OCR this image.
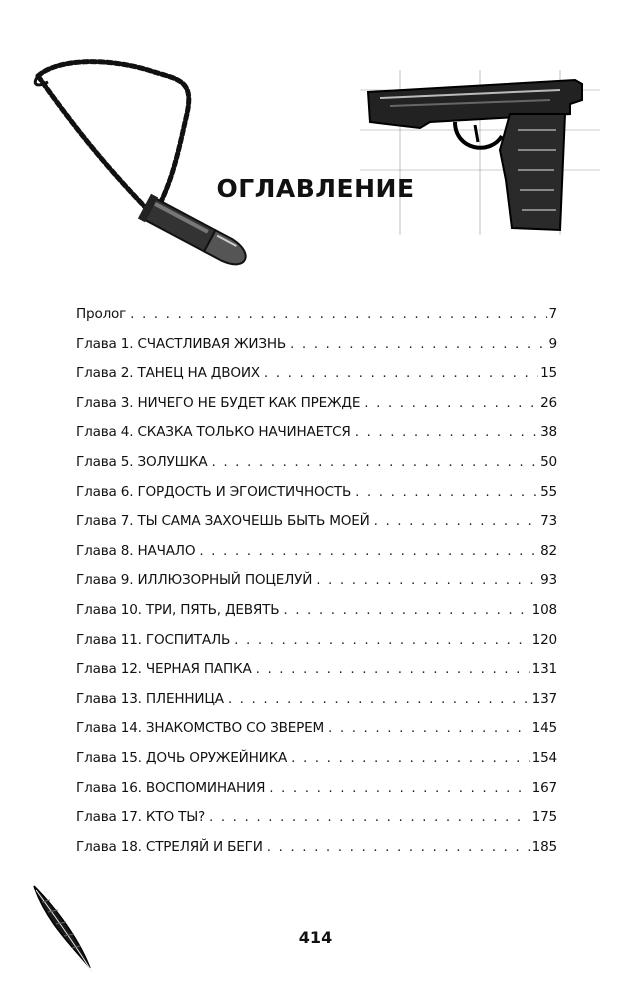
ОГЛАВЛЕНИЕ
Пролог . . .	7
Глава 1. СЧАСТЛИВАЯ ЖИЗНЬ . . .	9
Глава 2. ТАНЕЦ НА ДВОИХ . . .	15
Глава 3. НИЧЕГО НЕ БУДЕТ КАК ПРЕЖДЕ . . .	26
Глава 4. СКАЗКА ТОЛЬКО НАЧИНАЕТСЯ . . .	38
Глава 5. ЗОЛУШКА . . .	50
Глава 6. ГОРДОСТЬ И ЭГОИСТИЧНОСТЬ . . .	55
Глава 7. ТЫ САМА ЗАХОЧЕШЬ БЫТЬ МОЕЙ . . .	73
Глава 8. НАЧАЛО . . .	82
Глава 9. ИЛЛЮЗОРНЫЙ ПОЦЕЛУЙ . . .	93
Глава 10. ТРИ, ПЯТЬ, ДЕВЯТЬ . . .	108
Глава 11. ГОСПИТАЛЬ . . .	120
Глава 12. ЧЕРНАЯ ПАПКА . . .	131
Глава 13. ПЛЕННИЦА . . .	137
Глава 14. ЗНАКОМСТВО СО ЗВЕРЕМ . . .	145
Глава 15. ДОЧЬ ОРУЖЕЙНИКА . . .	154
Глава 16. ВОСПОМИНАНИЯ . . .	167
Глава 17. КТО ТЫ? . . .	175
Глава 18. СТРЕЛЯЙ И БЕГИ . . .	185
414
